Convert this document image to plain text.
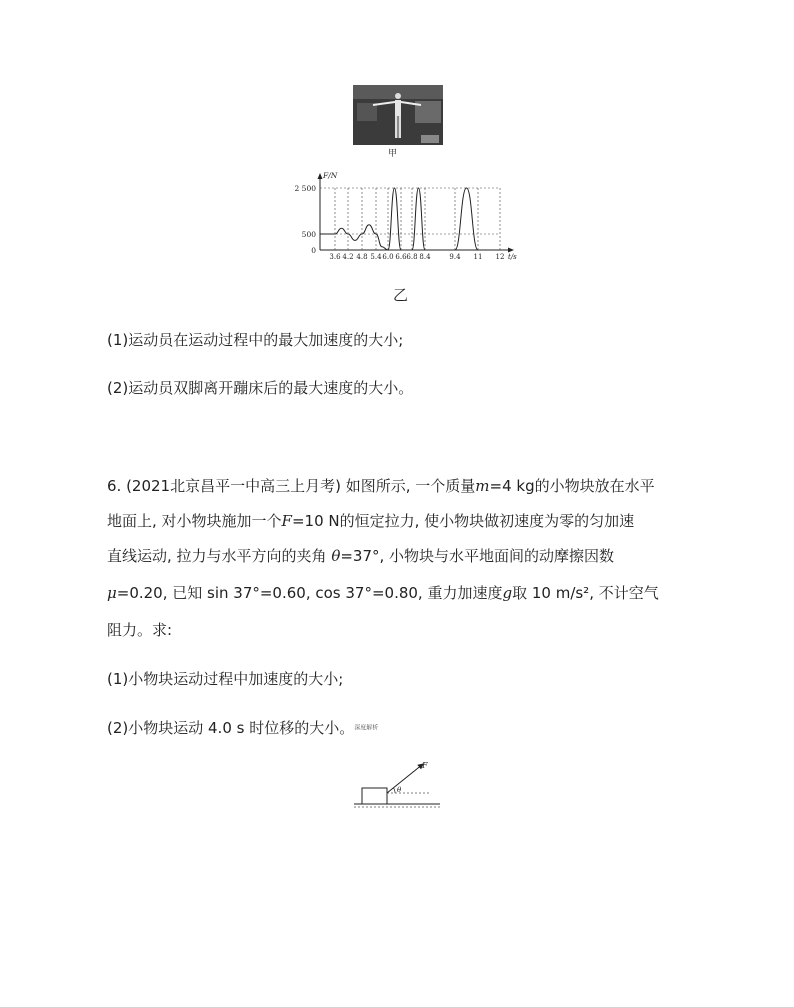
甲
2 500
500
0
3.6 4.2 4.8 5.4 6.0 6.6 6.8 8.4	9.4 11 12
F/N
t/s
乙
(1)运动员在运动过程中的最大加速度的大小;
(2)运动员双脚离开蹦床后的最大速度的大小。
6. (2021北京昌平一中高三上月考) 如图所示, 一个质量m=4 kg的小物块放在水平
地面上, 对小物块施加一个F=10 N的恒定拉力, 使小物块做初速度为零的匀加速
直线运动, 拉力与水平方向的夹角 θ=37°, 小物块与水平地面间的动摩擦因数
μ=0.20, 已知 sin 37°=0.60, cos 37°=0.80, 重力加速度g取 10 m/s², 不计空气
阻力。求:
(1)小物块运动过程中加速度的大小;
(2)小物块运动 4.0 s 时位移的大小。深度解析
F
θ
